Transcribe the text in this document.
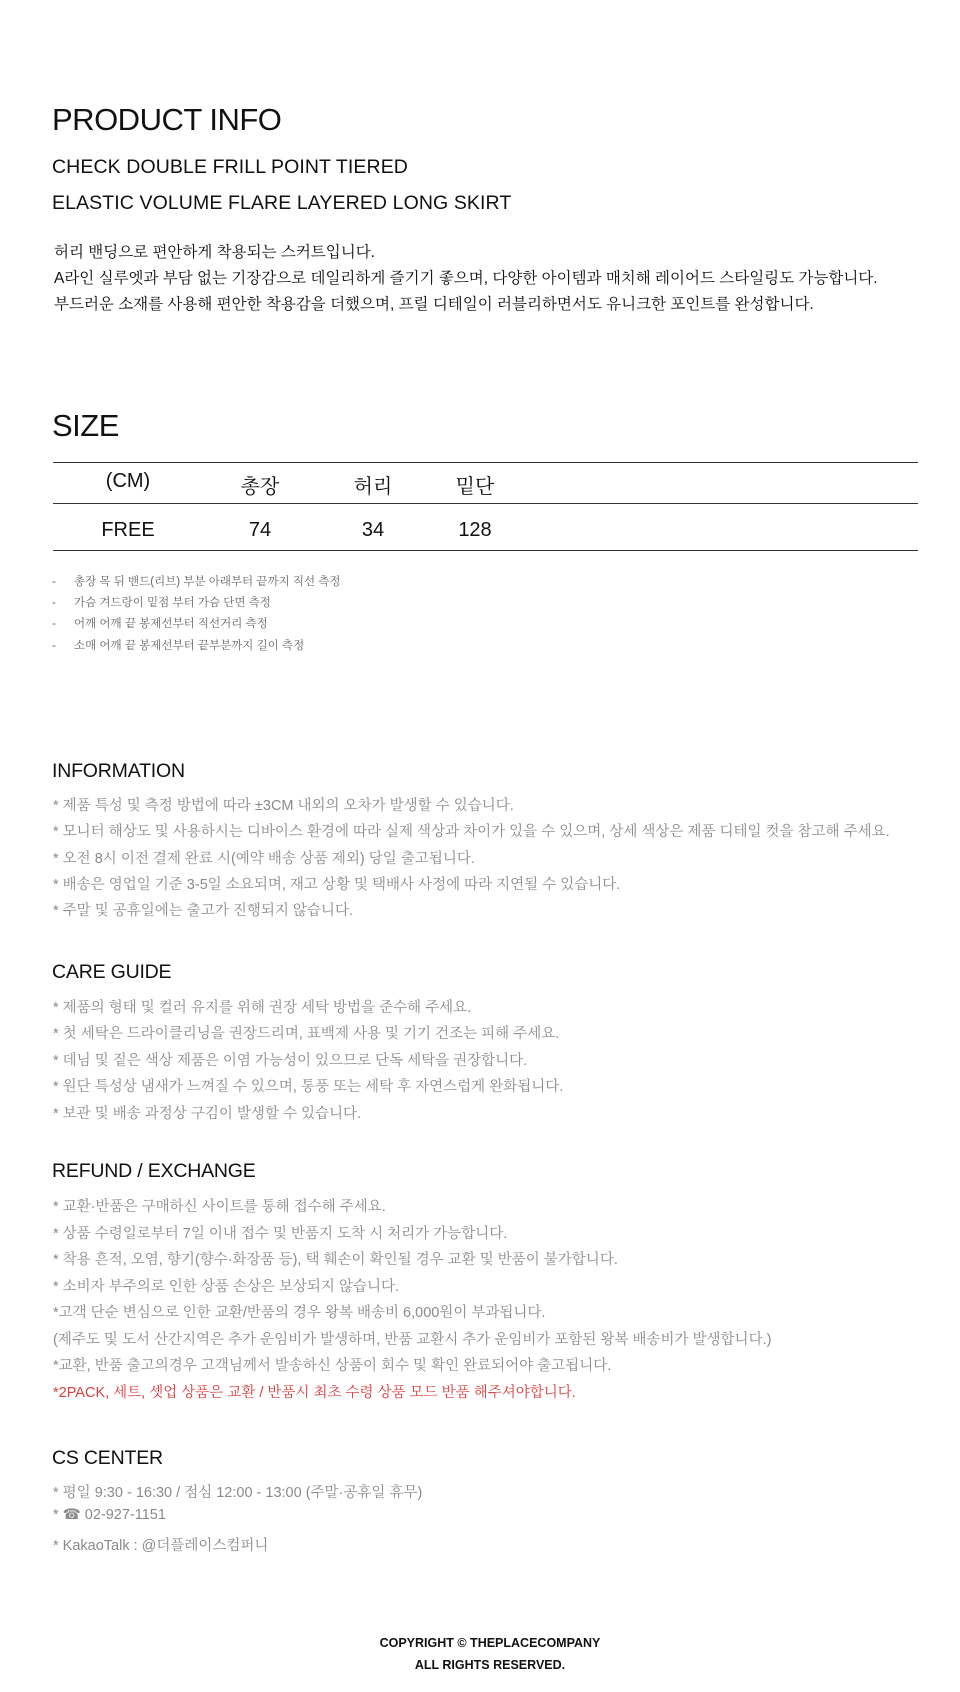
PRODUCT INFO
CHECK DOUBLE FRILL POINT TIERED
ELASTIC VOLUME FLARE LAYERED LONG SKIRT
허리 밴딩으로 편안하게 착용되는 스커트입니다.
A라인 실루엣과 부담 없는 기장감으로 데일리하게 즐기기 좋으며, 다양한 아이템과 매치해 레이어드 스타일링도 가능합니다.
부드러운 소재를 사용해 편안한 착용감을 더했으며, 프릴 디테일이 러블리하면서도 유니크한 포인트를 완성합니다.
SIZE
(CM)	총장	허리	밑단
FREE	74	34	128
- 총장 목 뒤 밴드(리브) 부분 아래부터 끝까지 직선 측정
- 가슴 겨드랑이 밑점 부터 가슴 단면 측정
- 어깨 어깨 끝 봉제선부터 직선거리 측정
- 소매 어깨 끝 봉제선부터 끝부분까지 길이 측정
INFORMATION
* 제품 특성 및 측정 방법에 따라 ±3CM 내외의 오차가 발생할 수 있습니다.
* 모니터 해상도 및 사용하시는 디바이스 환경에 따라 실제 색상과 차이가 있을 수 있으며, 상세 색상은 제품 디테일 컷을 참고해 주세요.
* 오전 8시 이전 결제 완료 시(예약 배송 상품 제외) 당일 출고됩니다.
* 배송은 영업일 기준 3-5일 소요되며, 재고 상황 및 택배사 사정에 따라 지연될 수 있습니다.
* 주말 및 공휴일에는 출고가 진행되지 않습니다.
CARE GUIDE
* 제품의 형태 및 컬러 유지를 위해 권장 세탁 방법을 준수해 주세요.
* 첫 세탁은 드라이클리닝을 권장드리며, 표백제 사용 및 기기 건조는 피해 주세요.
* 데님 및 짙은 색상 제품은 이염 가능성이 있으므로 단독 세탁을 권장합니다.
* 원단 특성상 냄새가 느껴질 수 있으며, 통풍 또는 세탁 후 자연스럽게 완화됩니다.
* 보관 및 배송 과정상 구김이 발생할 수 있습니다.
REFUND / EXCHANGE
* 교환·반품은 구매하신 사이트를 통해 접수해 주세요.
* 상품 수령일로부터 7일 이내 접수 및 반품지 도착 시 처리가 가능합니다.
* 착용 흔적, 오염, 향기(향수·화장품 등), 택 훼손이 확인될 경우 교환 및 반품이 불가합니다.
* 소비자 부주의로 인한 상품 손상은 보상되지 않습니다.
*고객 단순 변심으로 인한 교환/반품의 경우 왕복 배송비 6,000원이 부과됩니다.
(제주도 및 도서 산간지역은 추가 운임비가 발생하며, 반품 교환시 추가 운임비가 포함된 왕복 배송비가 발생합니다.)
*교환, 반품 출고의경우 고객님께서 발송하신 상품이 회수 및 확인 완료되어야 출고됩니다.
*2PACK, 세트, 셋업 상품은 교환 / 반품시 최초 수령 상품 모드 반품 해주셔야합니다.
CS CENTER
* 평일 9:30 - 16:30 / 점심 12:00 - 13:00 (주말·공휴일 휴무)
* ☎ 02-927-1151
* KakaoTalk : @더플레이스컴퍼니
COPYRIGHT © THEPLACECOMPANY
ALL RIGHTS RESERVED.
